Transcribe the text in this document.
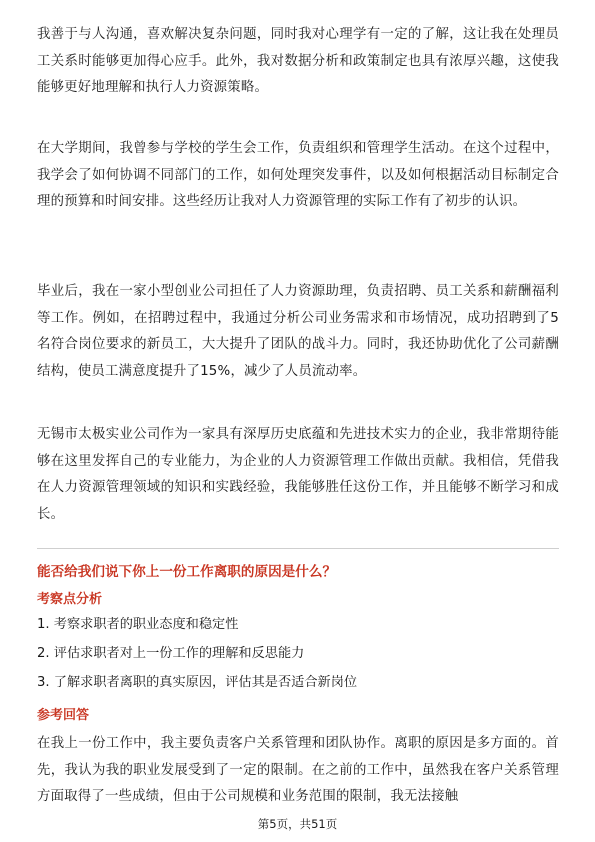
我善于与人沟通，喜欢解决复杂问题，同时我对心理学有一定的了解，这让我在处理员工关系时能够更加得心应手。此外，我对数据分析和政策制定也具有浓厚兴趣，这使我能够更好地理解和执行人力资源策略。

在大学期间，我曾参与学校的学生会工作，负责组织和管理学生活动。在这个过程中，我学会了如何协调不同部门的工作，如何处理突发事件，以及如何根据活动目标制定合理的预算和时间安排。这些经历让我对人力资源管理的实际工作有了初步的认识。

毕业后，我在一家小型创业公司担任了人力资源助理，负责招聘、员工关系和薪酬福利等工作。例如，在招聘过程中，我通过分析公司业务需求和市场情况，成功招聘到了5名符合岗位要求的新员工，大大提升了团队的战斗力。同时，我还协助优化了公司薪酬结构，使员工满意度提升了15%，减少了人员流动率。

无锡市太极实业公司作为一家具有深厚历史底蕴和先进技术实力的企业，我非常期待能够在这里发挥自己的专业能力，为企业的人力资源管理工作做出贡献。我相信，凭借我在人力资源管理领域的知识和实践经验，我能够胜任这份工作，并且能够不断学习和成长。

能否给我们说下你上一份工作离职的原因是什么？

考察点分析

1. 考察求职者的职业态度和稳定性

2. 评估求职者对上一份工作的理解和反思能力

3. 了解求职者离职的真实原因，评估其是否适合新岗位

参考回答

在我上一份工作中，我主要负责客户关系管理和团队协作。离职的原因是多方面的。首先，我认为我的职业发展受到了一定的限制。在之前的工作中，虽然我在客户关系管理方面取得了一些成绩，但由于公司规模和业务范围的限制，我无法接触

第5页，共51页
